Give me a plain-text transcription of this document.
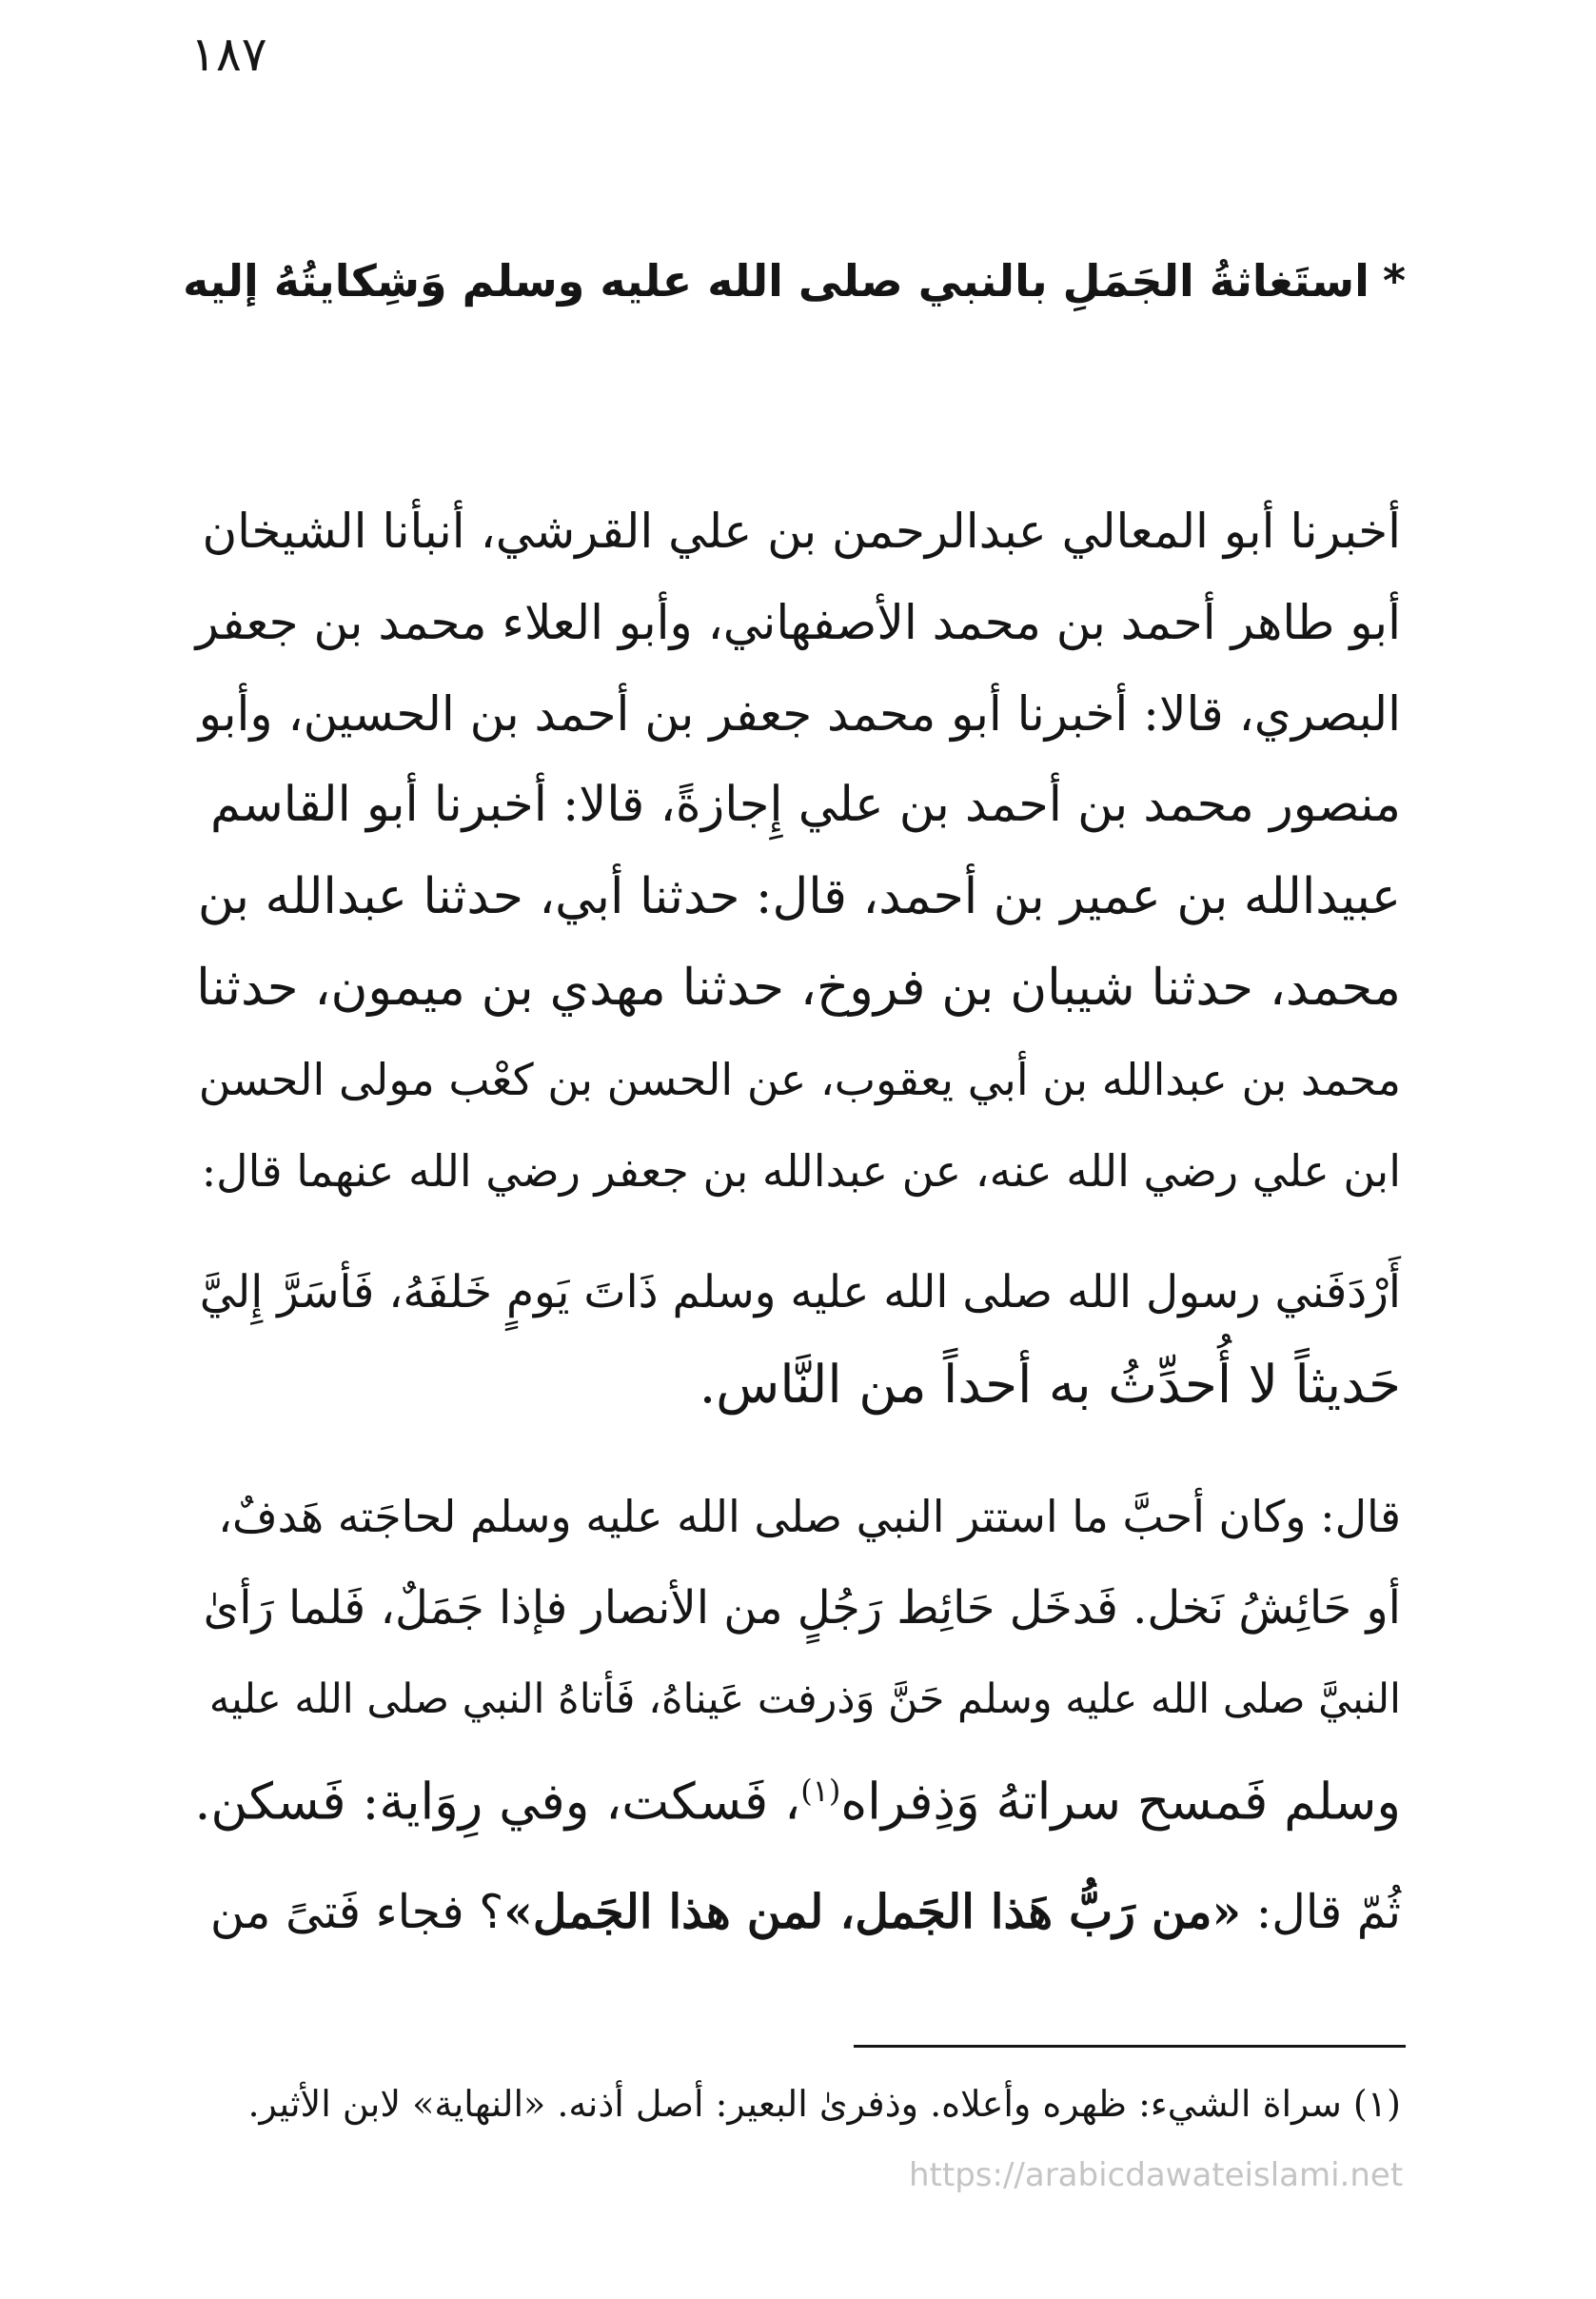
١٨٧
*استَغاثةُ الجَمَلِ بالنبي صلى الله عليه وسلم وَشِكايتُهُ إليه
أخبرنا أبو المعالي عبدالرحمن بن علي القرشي، أنبأنا الشيخان
أبو طاهر أحمد بن محمد الأصفهاني، وأبو العلاء محمد بن جعفر
البصري، قالا: أخبرنا أبو محمد جعفر بن أحمد بن الحسين، وأبو
منصور محمد بن أحمد بن علي إِجازةً، قالا: أخبرنا أبو القاسم
عبيدالله بن عمير بن أحمد، قال: حدثنا أبي، حدثنا عبدالله بن
محمد، حدثنا شيبان بن فروخ، حدثنا مهدي بن ميمون، حدثنا
محمد بن عبدالله بن أبي يعقوب، عن الحسن بن كعْب مولى الحسن
ابن علي رضي الله عنه، عن عبدالله بن جعفر رضي الله عنهما قال:
أَرْدَفَني رسول الله صلى الله عليه وسلم ذَاتَ يَومٍ خَلفَهُ، فَأسَرَّ إِليَّ
حَديثاً لا أُحدِّثُ به أحداً من النَّاس.
قال: وكان أحبَّ ما استتر النبي صلى الله عليه وسلم لحاجَته هَدفٌ،
أو حَائِشُ نَخل. فَدخَل حَائِط رَجُلٍ من الأنصار فإذا جَمَلٌ، فَلما رَأىٰ
النبيَّ صلى الله عليه وسلم حَنَّ وَذرفت عَيناهُ، فَأتاهُ النبي صلى الله عليه
وسلم فَمسح سراتهُ وَذِفراه$^{(١)}$، فَسكت، وفي رِوَاية: فَسكن.
ثُمّ قال: «من رَبُّ هَذا الجَمل، لمن هذا الجَمل»؟ فجاء فَتىً من
(١) سراة الشيء: ظهره وأعلاه. وذفرىٰ البعير: أصل أذنه. «النهاية» لابن الأثير.
https://arabicdawateislami.net
